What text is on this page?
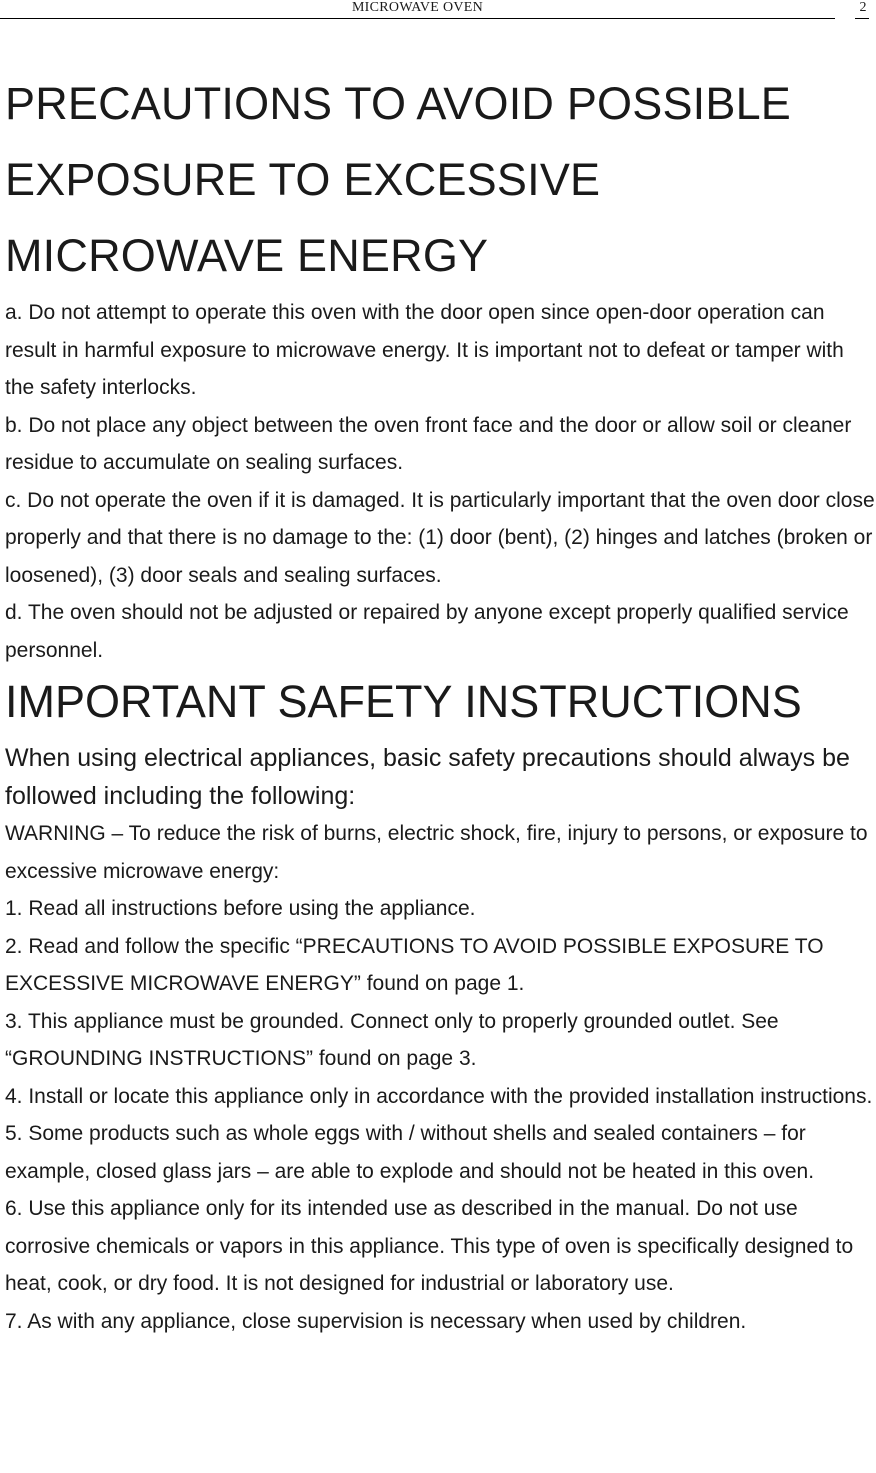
MICROWAVE OVEN	2
PRECAUTIONS TO AVOID POSSIBLE EXPOSURE TO EXCESSIVE MICROWAVE ENERGY

a. Do not attempt to operate this oven with the door open since open-door operation can result in harmful exposure to microwave energy. It is important not to defeat or tamper with the safety interlocks.

b. Do not place any object between the oven front face and the door or allow soil or cleaner residue to accumulate on sealing surfaces.

c. Do not operate the oven if it is damaged. It is particularly important that the oven door close properly and that there is no damage to the: (1) door (bent), (2) hinges and latches (broken or loosened), (3) door seals and sealing surfaces.

d. The oven should not be adjusted or repaired by anyone except properly qualified service personnel.

IMPORTANT SAFETY INSTRUCTIONS

When using electrical appliances, basic safety precautions should always be followed including the following:

WARNING – To reduce the risk of burns, electric shock, fire, injury to persons, or exposure to excessive microwave energy:

1. Read all instructions before using the appliance.

2. Read and follow the specific “PRECAUTIONS TO AVOID POSSIBLE EXPOSURE TO EXCESSIVE MICROWAVE ENERGY” found on page 1.

3. This appliance must be grounded. Connect only to properly grounded outlet. See “GROUNDING INSTRUCTIONS” found on page 3.

4. Install or locate this appliance only in accordance with the provided installation instructions.

5. Some products such as whole eggs with / without shells and sealed containers – for example, closed glass jars – are able to explode and should not be heated in this oven.

6. Use this appliance only for its intended use as described in the manual. Do not use corrosive chemicals or vapors in this appliance. This type of oven is specifically designed to heat, cook, or dry food. It is not designed for industrial or laboratory use.

7. As with any appliance, close supervision is necessary when used by children.
